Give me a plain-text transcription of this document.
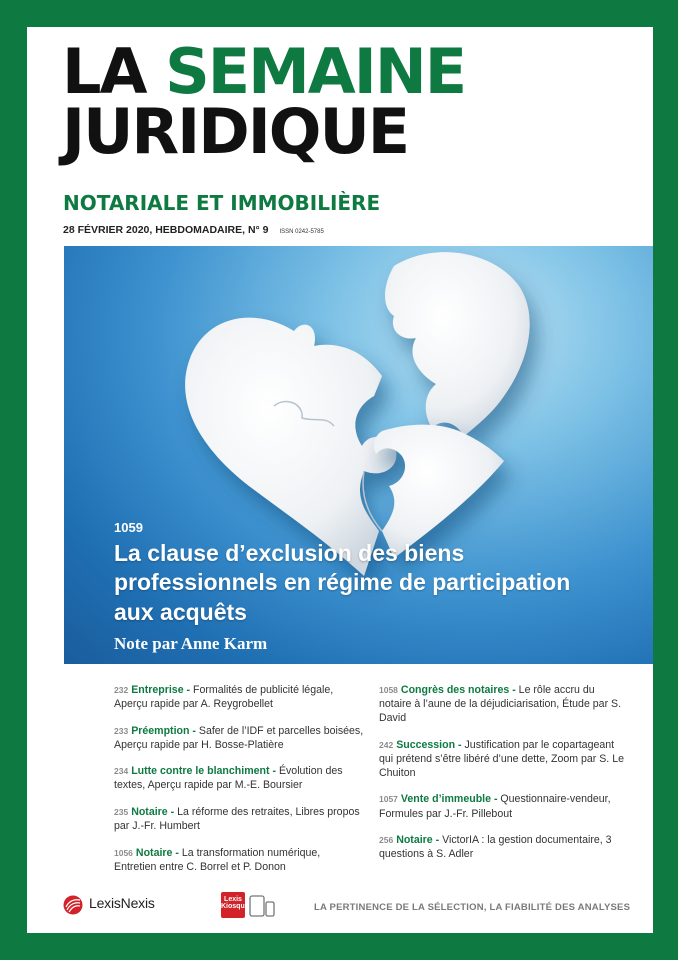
LA SEMAINE
JURIDIQUE
NOTARIALE ET IMMOBILIÈRE
28 FÉVRIER 2020, HEBDOMADAIRE, N° 9 ISSN 0242-5785
1059
La clause d’exclusion des biens professionnels en régime de participation aux acquêts
Note par Anne Karm
232 Entreprise - Formalités de publicité légale, Aperçu rapide par A. Reygrobellet
233 Préemption - Safer de l’IDF et parcelles boisées, Aperçu rapide par H. Bosse-Platière
234 Lutte contre le blanchiment - Évolution des textes, Aperçu rapide par M.-E. Boursier
235 Notaire - La réforme des retraites, Libres propos par J.-Fr. Humbert
1056 Notaire - La transformation numérique, Entretien entre C. Borrel et P. Donon
1058 Congrès des notaires - Le rôle accru du notaire à l’aune de la déjudiciarisation, Étude par S. David
242 Succession - Justification par le copartageant qui prétend s’être libéré d’une dette, Zoom par S. Le Chuiton
1057 Vente d’immeuble - Questionnaire-vendeur, Formules par J.-Fr. Pillebout
256 Notaire - VictorIA : la gestion documentaire, 3 questions à S. Adler
LexisNexis	Lexis Kiosque	LA PERTINENCE DE LA SÉLECTION, LA FIABILITÉ DES ANALYSES
